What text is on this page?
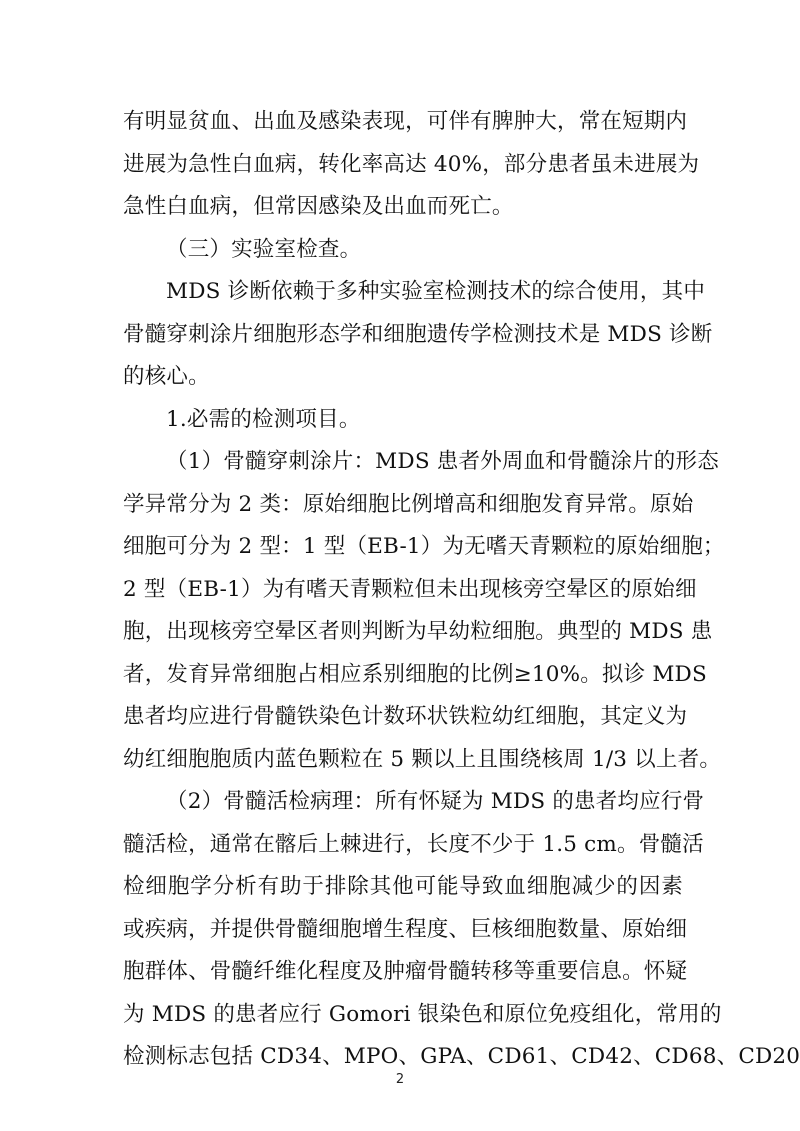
有明显贫血、出血及感染表现，可伴有脾肿大，常在短期内
进展为急性白血病，转化率高达 40%，部分患者虽未进展为
急性白血病，但常因感染及出血而死亡。
（三）实验室检查。
MDS 诊断依赖于多种实验室检测技术的综合使用，其中
骨髓穿刺涂片细胞形态学和细胞遗传学检测技术是 MDS 诊断
的核心。
1.必需的检测项目。
（1）骨髓穿刺涂片：MDS 患者外周血和骨髓涂片的形态
学异常分为 2 类：原始细胞比例增高和细胞发育异常。原始
细胞可分为 2 型：1 型（EB-1）为无嗜天青颗粒的原始细胞；
2 型（EB-1）为有嗜天青颗粒但未出现核旁空晕区的原始细
胞，出现核旁空晕区者则判断为早幼粒细胞。典型的 MDS 患
者，发育异常细胞占相应系别细胞的比例≥10%。拟诊 MDS
患者均应进行骨髓铁染色计数环状铁粒幼红细胞，其定义为
幼红细胞胞质内蓝色颗粒在 5 颗以上且围绕核周 1/3 以上者。
（2）骨髓活检病理：所有怀疑为 MDS 的患者均应行骨
髓活检，通常在髂后上棘进行，长度不少于 1.5 cm。骨髓活
检细胞学分析有助于排除其他可能导致血细胞减少的因素
或疾病，并提供骨髓细胞增生程度、巨核细胞数量、原始细
胞群体、骨髓纤维化程度及肿瘤骨髓转移等重要信息。怀疑
为 MDS 的患者应行 Gomori 银染色和原位免疫组化，常用的
2
检测标志包括 CD34、MPO、GPA、CD61、CD42、CD68、CD20
